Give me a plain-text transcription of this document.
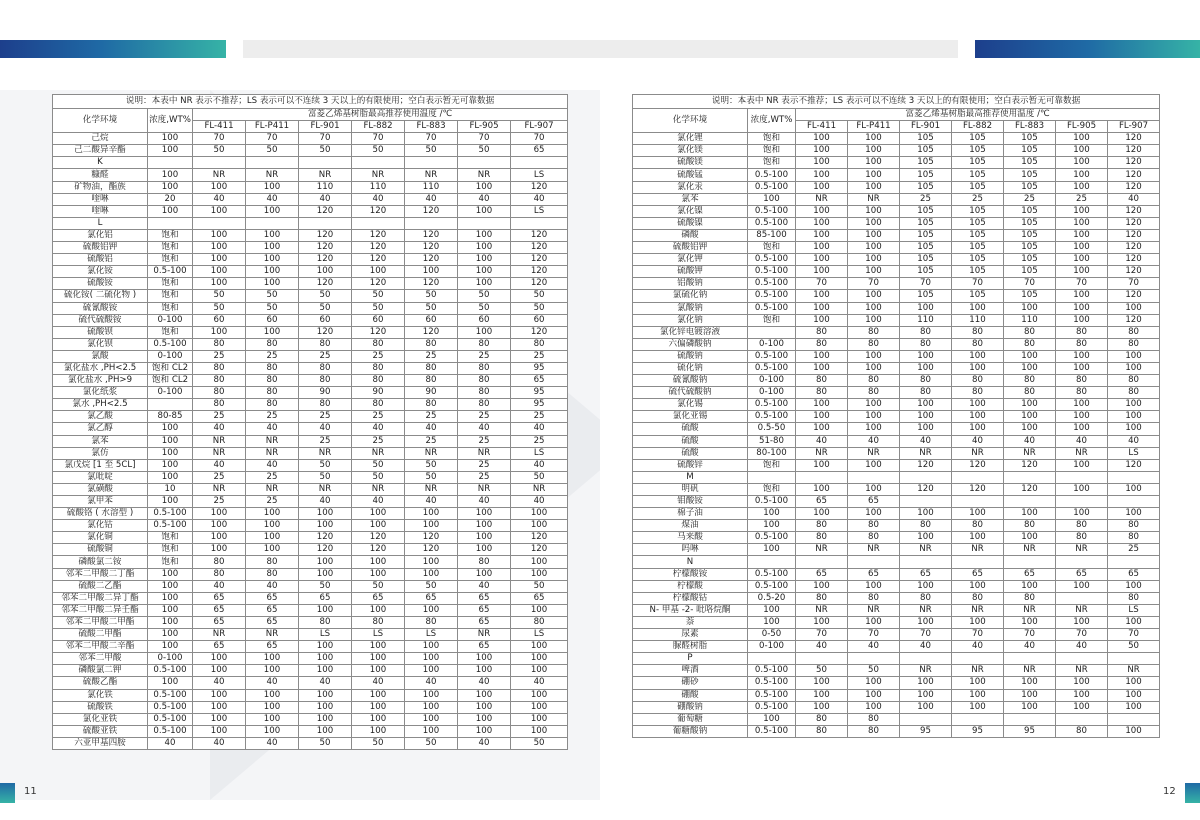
说明：本表中 NR 表示不推荐；LS 表示可以不连续 3 天以上的有限使用；空白表示暂无可靠数据								
化学环境	浓度,WT%	富菱乙烯基树脂最高推荐使用温度 /℃						
		FL-411	FL-P411	FL-901	FL-882	FL-883	FL-905	FL-907
己烷	100	70	70	70	70	70	70	70
己二酸异辛酯	100	50	50	50	50	50	50	65
K								
糠醛	100	NR	NR	NR	NR	NR	NR	LS
矿物油，酯族	100	100	100	110	110	110	100	120
喹啉	20	40	40	40	40	40	40	40
喹啉	100	100	100	120	120	120	100	LS
L								
氯化铝	饱和	100	100	120	120	120	100	120
硫酸铝钾	饱和	100	100	120	120	120	100	120
硫酸铝	饱和	100	100	120	120	120	100	120
氯化铵	0.5-100	100	100	100	100	100	100	120
硫酸铵	饱和	100	100	120	120	120	100	120
硫化铵( 二硫化物 )	饱和	50	50	50	50	50	50	50
硫氰酸铵	饱和	50	50	50	50	50	50	50
硫代硫酸铵	0-100	60	60	60	60	60	60	60
硫酸钡	饱和	100	100	120	120	120	100	120
氯化钡	0.5-100	80	80	80	80	80	80	80
氯酸	0-100	25	25	25	25	25	25	25
氯化盐水 ,PH<2.5	饱和 CL2	80	80	80	80	80	80	95
氯化盐水 ,PH>9	饱和 CL2	80	80	80	80	80	80	65
氯化纸浆	0-100	80	80	90	90	90	80	95
氯水 ,PH<2.5		80	80	80	80	80	80	95
氯乙酸	80-85	25	25	25	25	25	25	25
氯乙醇	100	40	40	40	40	40	40	40
氯苯	100	NR	NR	25	25	25	25	25
氯仿	100	NR	NR	NR	NR	NR	NR	LS
氯戊烷 [1 至 5CL]	100	40	40	50	50	50	25	40
氯吡啶	100	25	25	50	50	50	25	50
氯磺酸	10	NR	NR	NR	NR	NR	NR	NR
氯甲苯	100	25	25	40	40	40	40	40
硫酸铬 ( 水溶型 )	0.5-100	100	100	100	100	100	100	100
氯化钴	0.5-100	100	100	100	100	100	100	100
氯化铜	饱和	100	100	120	120	120	100	120
硫酸铜	饱和	100	100	120	120	120	100	120
磷酸氯二铵	饱和	80	80	100	100	100	80	100
邻苯二甲酸二丁酯	100	80	80	100	100	100	100	100
硫酸二乙酯	100	40	40	50	50	50	40	50
邻苯二甲酸二异丁酯	100	65	65	65	65	65	65	65
邻苯二甲酸二异壬酯	100	65	65	100	100	100	65	100
邻苯二甲酸二甲酯	100	65	65	80	80	80	65	80
硫酸二甲酯	100	NR	NR	LS	LS	LS	NR	LS
邻苯二甲酸二辛酯	100	65	65	100	100	100	65	100
邻苯二甲酸	0-100	100	100	100	100	100	100	100
磷酸氯二钾	0.5-100	100	100	100	100	100	100	100
硫酸乙酯	100	40	40	40	40	40	40	40
氯化铁	0.5-100	100	100	100	100	100	100	100
硫酸铁	0.5-100	100	100	100	100	100	100	100
氯化亚铁	0.5-100	100	100	100	100	100	100	100
硫酸亚铁	0.5-100	100	100	100	100	100	100	100
六亚甲基四胺	40	40	40	50	50	50	40	50
说明：本表中 NR 表示不推荐；LS 表示可以不连续 3 天以上的有限使用；空白表示暂无可靠数据								
化学环境	浓度,WT%	富菱乙烯基树脂最高推荐使用温度 /℃						
		FL-411	FL-P411	FL-901	FL-882	FL-883	FL-905	FL-907
氯化锂	饱和	100	100	105	105	105	100	120
氯化镁	饱和	100	100	105	105	105	100	120
硫酸镁	饱和	100	100	105	105	105	100	120
硫酸锰	0.5-100	100	100	105	105	105	100	120
氯化汞	0.5-100	100	100	105	105	105	100	120
氯苯	100	NR	NR	25	25	25	25	40
氯化镍	0.5-100	100	100	105	105	105	100	120
硫酸镍	0.5-100	100	100	105	105	105	100	120
磷酸	85-100	100	100	105	105	105	100	120
硫酸铝钾	饱和	100	100	105	105	105	100	120
氯化钾	0.5-100	100	100	105	105	105	100	120
硫酸钾	0.5-100	100	100	105	105	105	100	120
铝酸钠	0.5-100	70	70	70	70	70	70	70
氯硫化钠	0.5-100	100	100	105	105	105	100	120
氯酸钠	0.5-100	100	100	100	100	100	100	100
氯化钠	饱和	100	100	110	110	110	100	120
氯化锌电镀溶液		80	80	80	80	80	80	80
六偏磷酸钠	0-100	80	80	80	80	80	80	80
硫酸钠	0.5-100	100	100	100	100	100	100	100
硫化钠	0.5-100	100	100	100	100	100	100	100
硫氰酸钠	0-100	80	80	80	80	80	80	80
硫代硫酸钠	0-100	80	80	80	80	80	80	80
氯化锡	0.5-100	100	100	100	100	100	100	100
氯化亚锡	0.5-100	100	100	100	100	100	100	100
硫酸	0.5-50	100	100	100	100	100	100	100
硫酸	51-80	40	40	40	40	40	40	40
硫酸	80-100	NR	NR	NR	NR	NR	NR	LS
硫酸锌	饱和	100	100	120	120	120	100	120
M								
明矾	饱和	100	100	120	120	120	100	100
钼酸铵	0.5-100	65	65					
棉子油	100	100	100	100	100	100	100	100
煤油	100	80	80	80	80	80	80	80
马来酸	0.5-100	80	80	100	100	100	80	80
吗啉	100	NR	NR	NR	NR	NR	NR	25
N								
柠檬酸铵	0.5-100	65	65	65	65	65	65	65
柠檬酸	0.5-100	100	100	100	100	100	100	100
柠檬酸钴	0.5-20	80	80	80	80	80		80
N- 甲基 -2- 吡咯烷酮	100	NR	NR	NR	NR	NR	NR	LS
萘	100	100	100	100	100	100	100	100
尿素	0-50	70	70	70	70	70	70	70
脲醛树脂	0-100	40	40	40	40	40	40	50
P								
啤酒	0.5-100	50	50	NR	NR	NR	NR	NR
硼砂	0.5-100	100	100	100	100	100	100	100
硼酸	0.5-100	100	100	100	100	100	100	100
硼酸钠	0.5-100	100	100	100	100	100	100	100
葡萄糖	100	80	80					
葡糖酸钠	0.5-100	80	80	95	95	95	80	100
11	12
